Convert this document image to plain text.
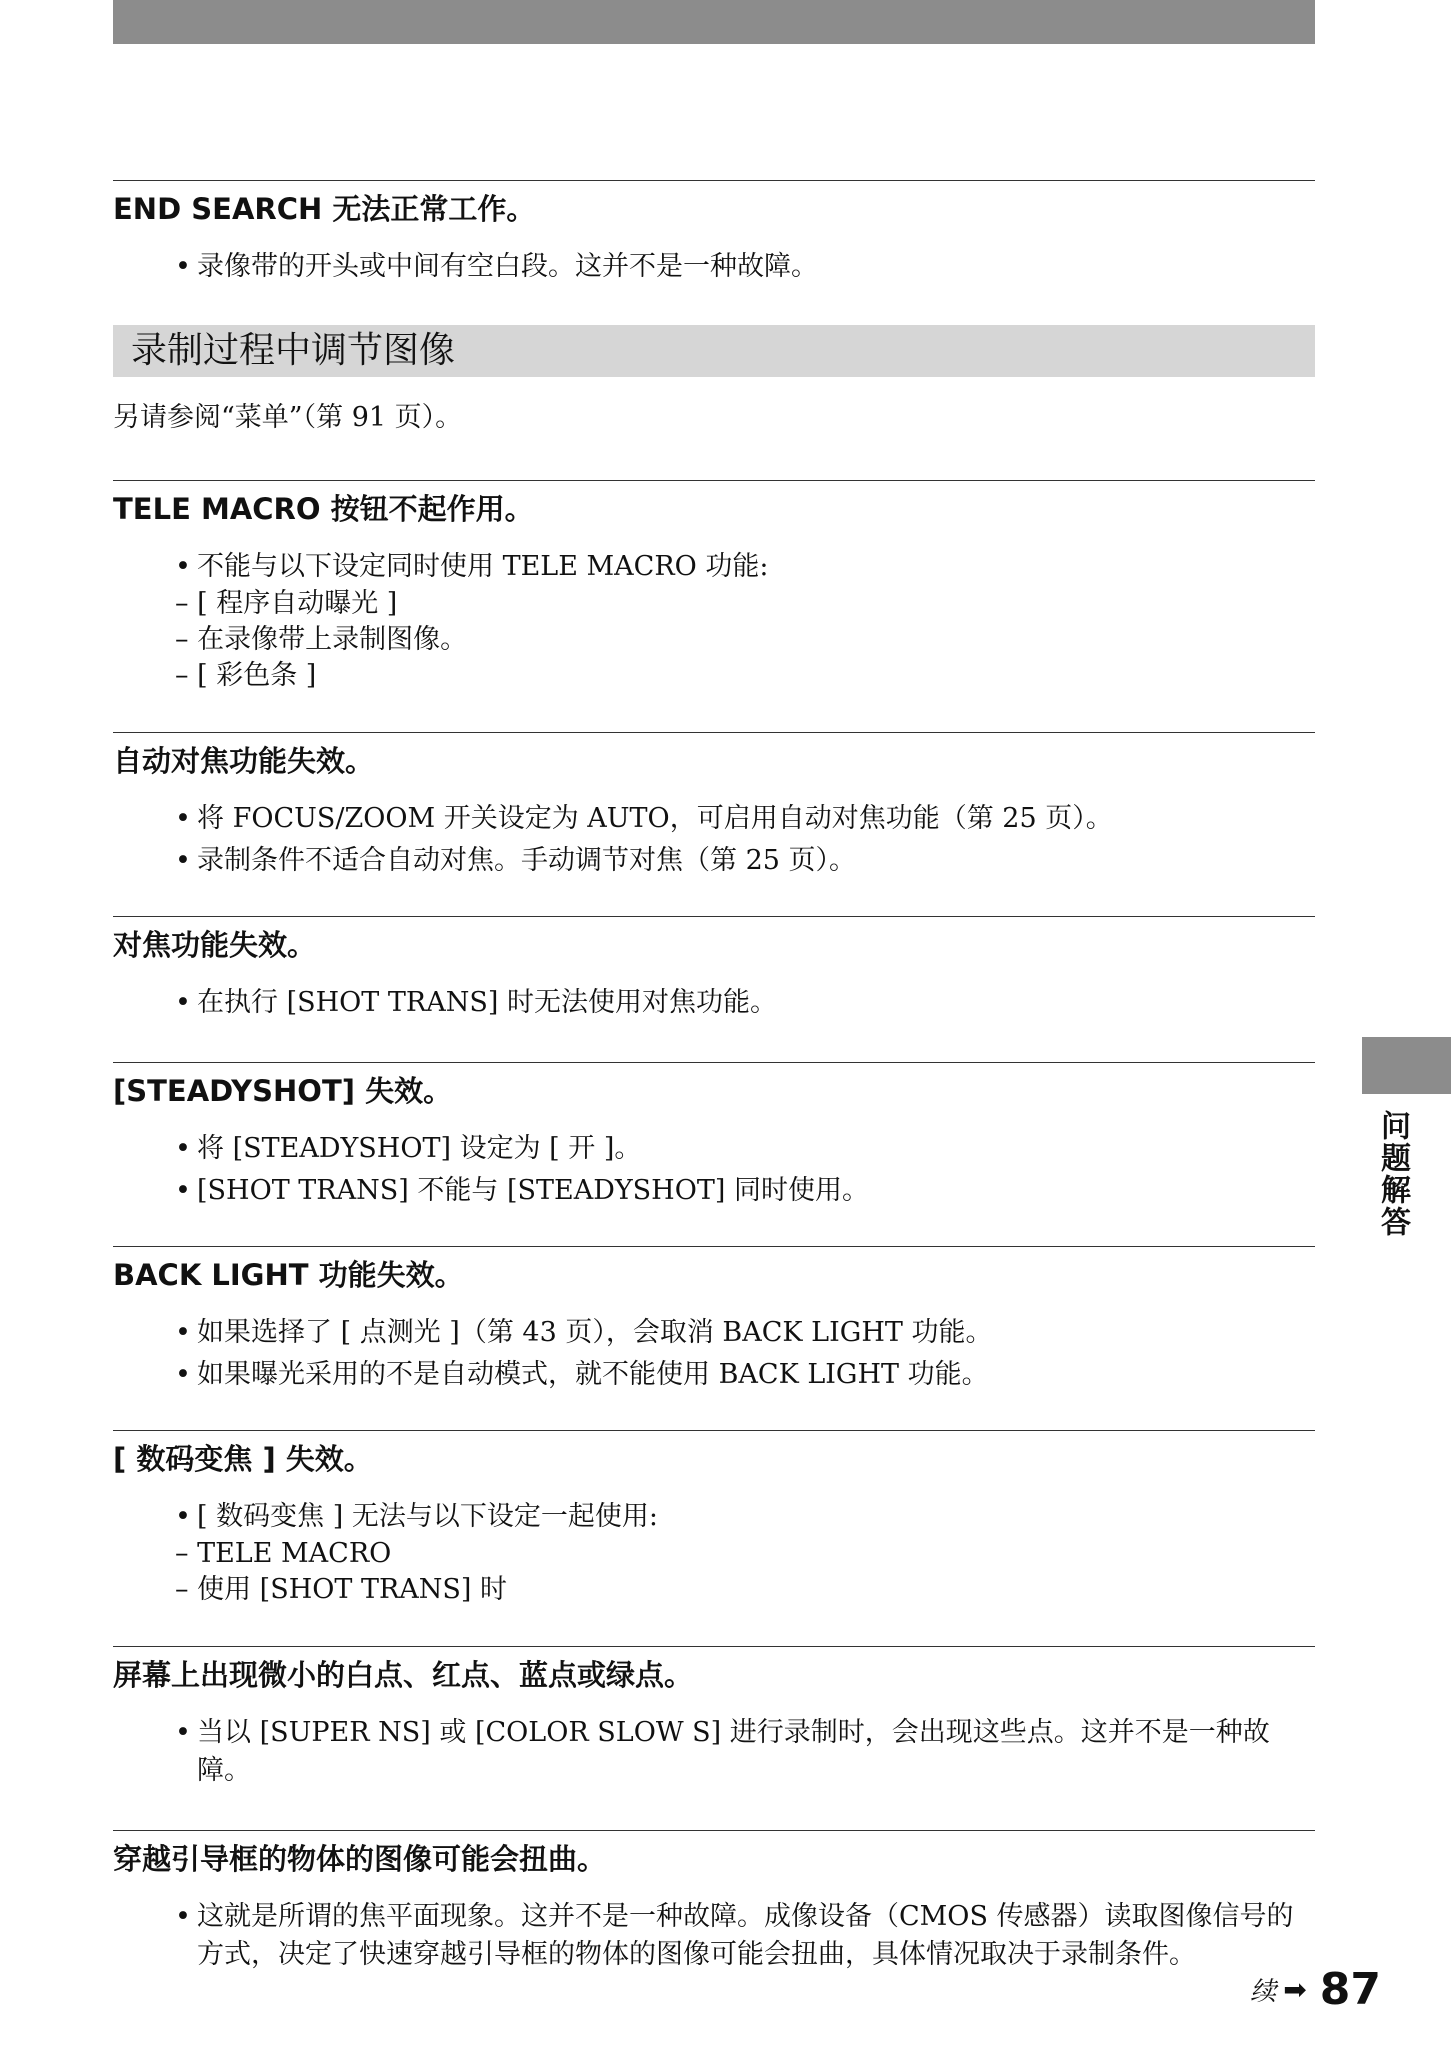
END SEARCH 无法正常工作。
• 录像带的开头或中间有空白段。这并不是一种故障。
录制过程中调节图像
另请参阅“菜单”（第 91 页）。
TELE MACRO 按钮不起作用。
• 不能与以下设定同时使用 TELE MACRO 功能:
– [ 程序自动曝光 ]
– 在录像带上录制图像。
– [ 彩色条 ]
自动对焦功能失效。
• 将 FOCUS/ZOOM 开关设定为 AUTO，可启用自动对焦功能（第 25 页）。
• 录制条件不适合自动对焦。手动调节对焦（第 25 页）。
对焦功能失效。
• 在执行 [SHOT TRANS] 时无法使用对焦功能。
[STEADYSHOT] 失效。
• 将 [STEADYSHOT] 设定为 [ 开 ]。
• [SHOT TRANS] 不能与 [STEADYSHOT] 同时使用。
BACK LIGHT 功能失效。
• 如果选择了 [ 点测光 ]（第 43 页），会取消 BACK LIGHT 功能。
• 如果曝光采用的不是自动模式，就不能使用 BACK LIGHT 功能。
[ 数码变焦 ] 失效。
• [ 数码变焦 ] 无法与以下设定一起使用:
– TELE MACRO
– 使用 [SHOT TRANS] 时
屏幕上出现微小的白点、红点、蓝点或绿点。
• 当以 [SUPER NS] 或 [COLOR SLOW S] 进行录制时，会出现这些点。这并不是一种故障。
穿越引导框的物体的图像可能会扭曲。
• 这就是所谓的焦平面现象。这并不是一种故障。成像设备（CMOS 传感器）读取图像信号的方式，决定了快速穿越引导框的物体的图像可能会扭曲，具体情况取决于录制条件。
问题解答
续 ➡ 87
